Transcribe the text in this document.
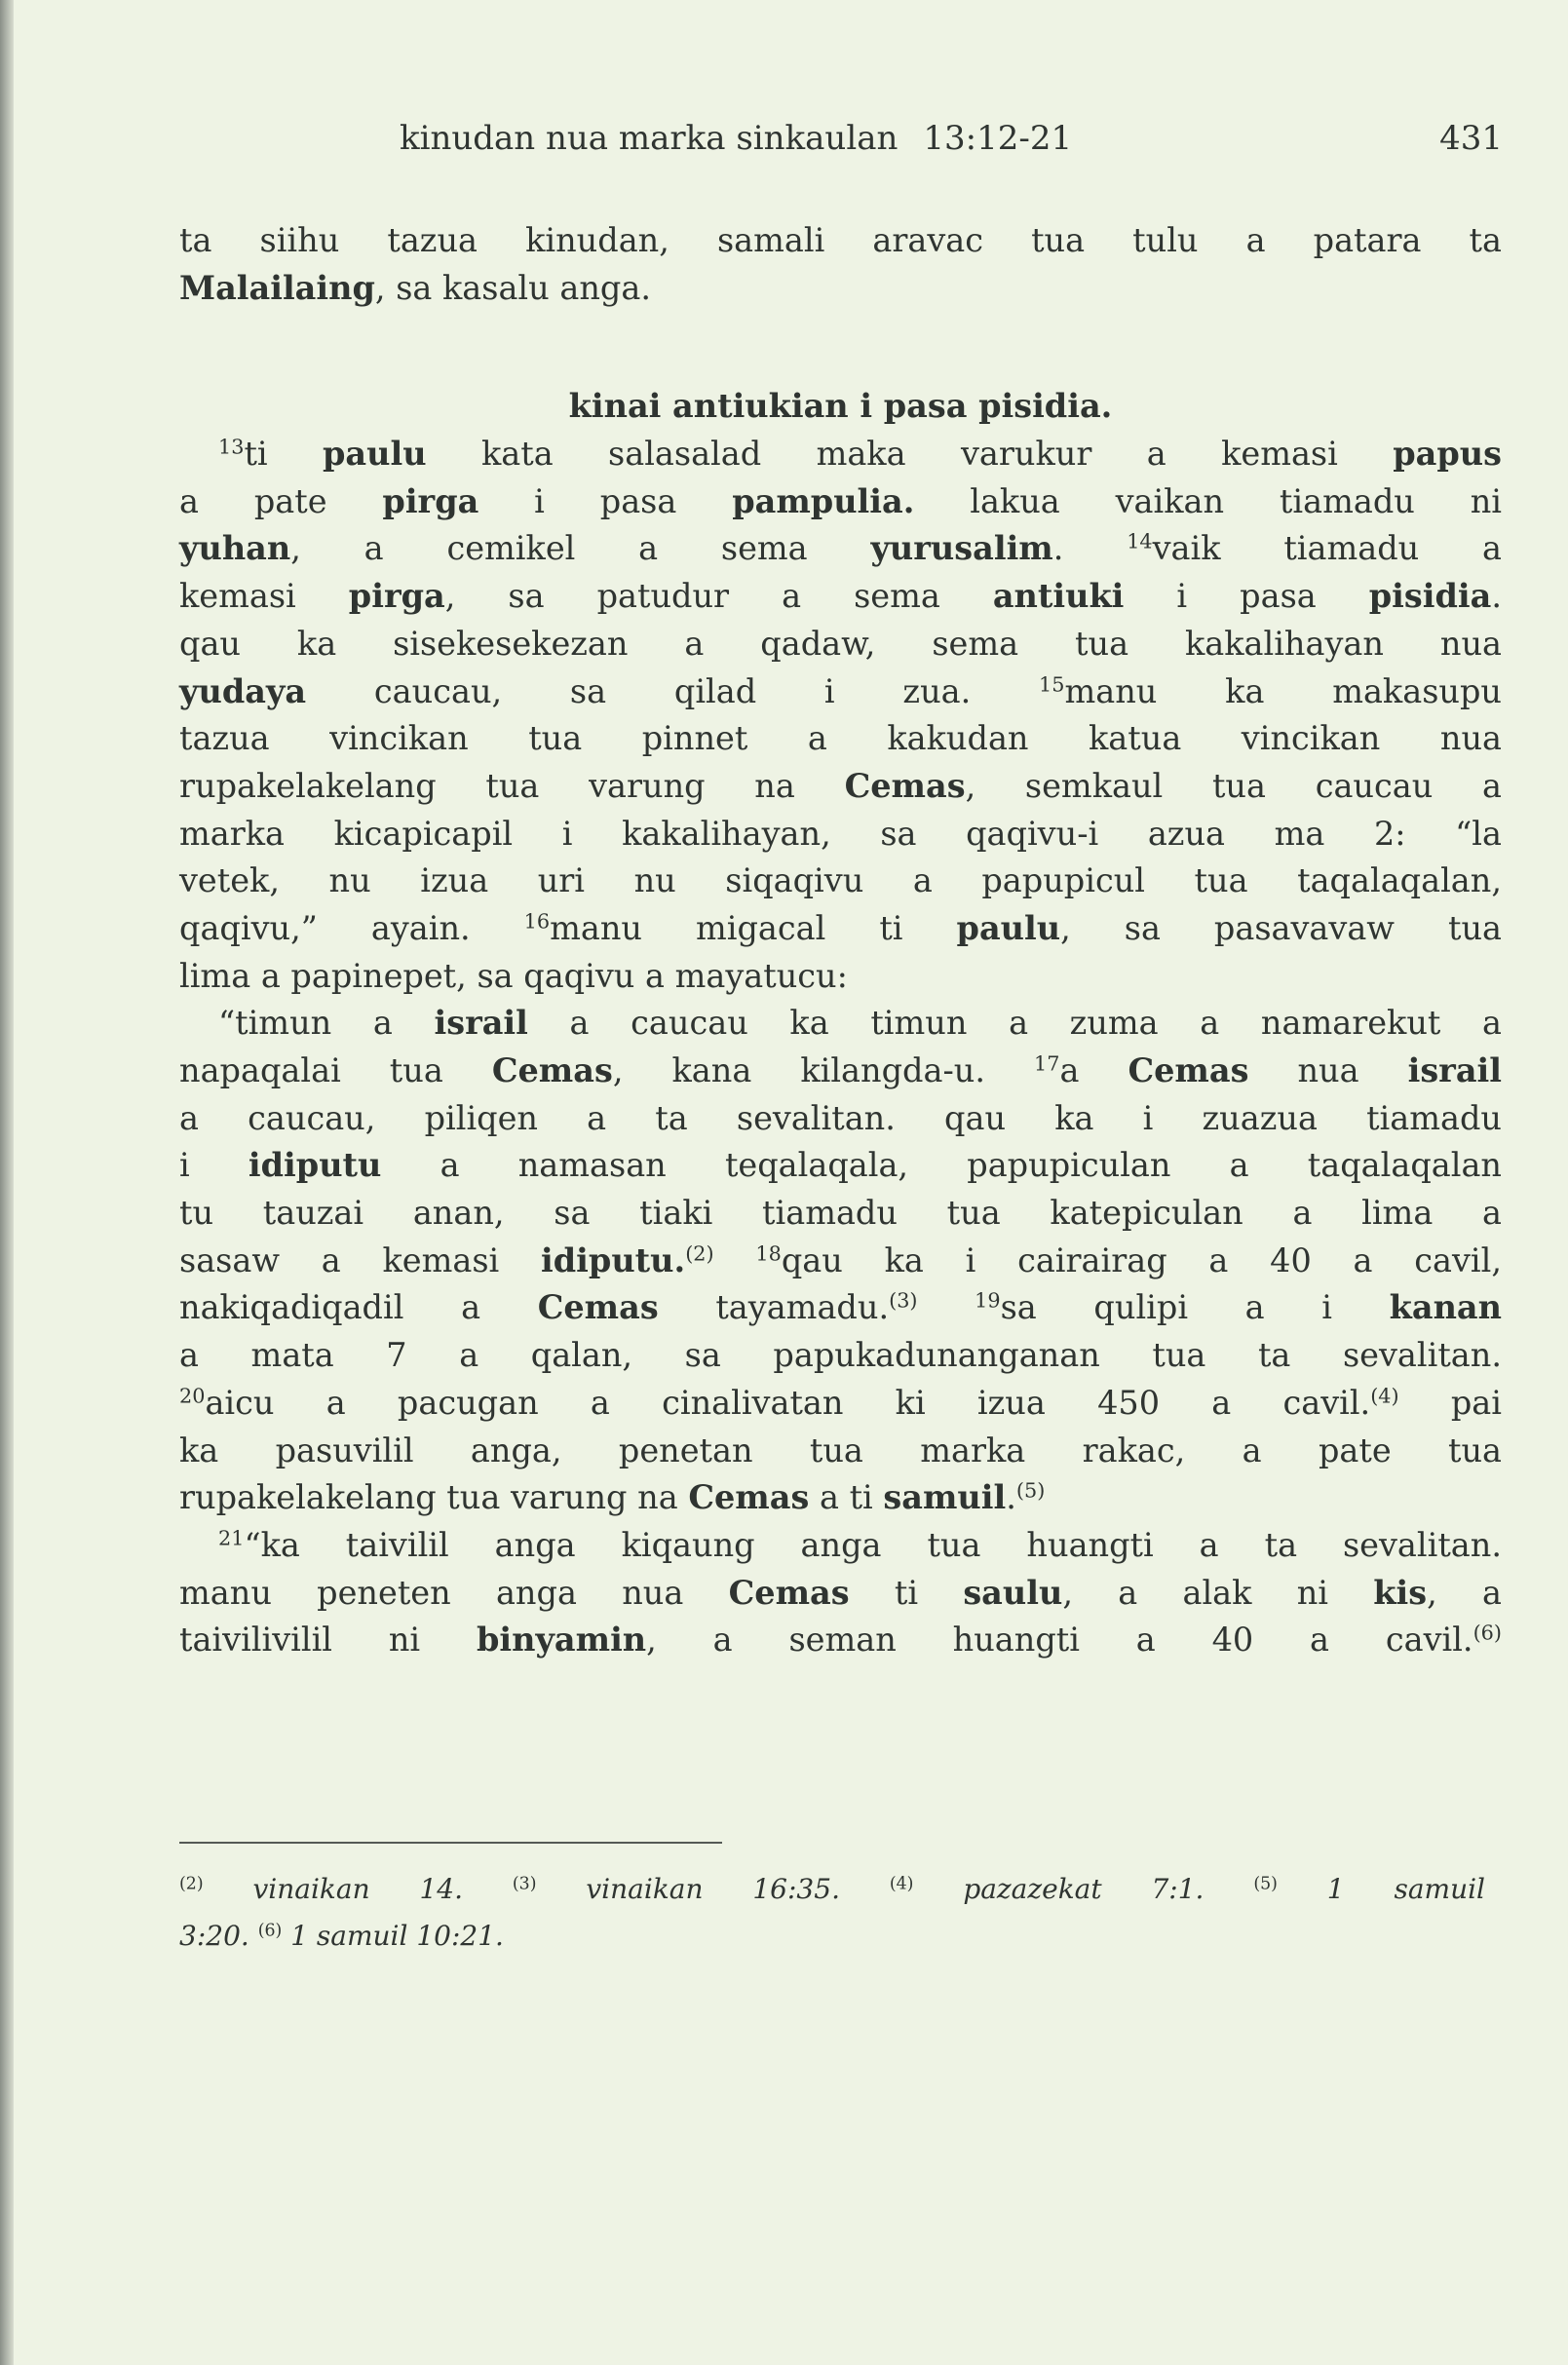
kinudan nua marka sinkaulan 13:12-21	431
ta siihu tazua kinudan, samali aravac tua tulu a patara ta
Malailaing, sa kasalu anga.
kinai antiukian i pasa pisidia.
$^{13}$ti paulu kata salasalad maka varukur a kemasi papus
a pate pirga i pasa pampulia. lakua vaikan tiamadu ni
yuhan, a cemikel a sema yurusalim. $^{14}$vaik tiamadu a
kemasi pirga, sa patudur a sema antiuki i pasa pisidia.
qau ka sisekesekezan a qadaw, sema tua kakalihayan nua
yudaya caucau, sa qilad i zua. $^{15}$manu ka makasupu
tazua vincikan tua pinnet a kakudan katua vincikan nua
rupakelakelang tua varung na Cemas, semkaul tua caucau a
marka kicapicapil i kakalihayan, sa qaqivu-i azua ma 2: “la
vetek, nu izua uri nu siqaqivu a papupicul tua taqalaqalan,
qaqivu,” ayain. $^{16}$manu migacal ti paulu, sa pasavavaw tua
lima a papinepet, sa qaqivu a mayatucu:
“timun a israil a caucau ka timun a zuma a namarekut a
napaqalai tua Cemas, kana kilangda-u. $^{17}$a Cemas nua israil
a caucau, piliqen a ta sevalitan. qau ka i zuazua tiamadu
i idiputu a namasan teqalaqala, papupiculan a taqalaqalan
tu tauzai anan, sa tiaki tiamadu tua katepiculan a lima a
sasaw a kemasi idiputu.$^{(2)}$ $^{18}$qau ka i cairairag a 40 a cavil,
nakiqadiqadil a Cemas tayamadu.$^{(3)}$	$^{19}$sa qulipi a i kanan
a mata 7 a qalan, sa papukadunanganan tua ta sevalitan.
$^{20}$aicu a pacugan a cinalivatan ki izua 450 a cavil.$^{(4)}$ pai
ka pasuvilil anga, penetan tua marka rakac, a pate tua
rupakelakelang tua varung na Cemas a ti samuil.$^{(5)}$
$^{21}$“ka taivilil anga kiqaung anga tua huangti a ta sevalitan.
manu peneten anga nua Cemas ti saulu, a alak ni kis, a
taivilivilil ni binyamin, a seman huangti a 40 a cavil.$^{(6)}$
$^{(2)}$ vinaikan 14.	$^{(3)}$ vinaikan 16:35.	$^{(4)}$ pazazekat 7:1.	$^{(5)}$ 1 samuil
3:20. $^{(6)}$ 1 samuil 10:21.
